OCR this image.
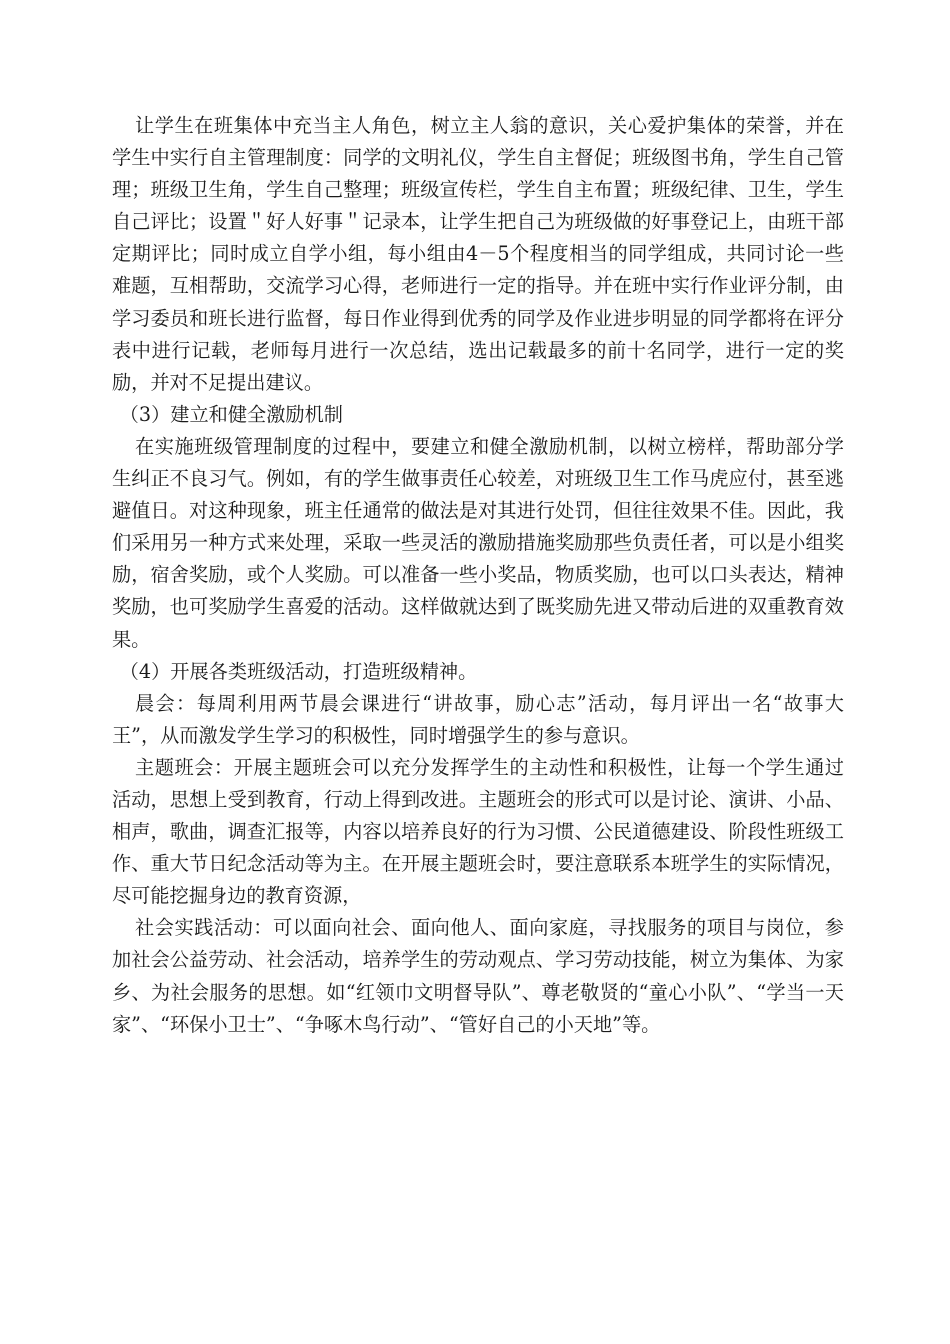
让学生在班集体中充当主人角色，树立主人翁的意识，关心爱护集体的荣誉，并在学生中实行自主管理制度：同学的文明礼仪，学生自主督促；班级图书角，学生自己管理；班级卫生角，学生自己整理；班级宣传栏，学生自主布置；班级纪律、卫生，学生自己评比；设置＂好人好事＂记录本，让学生把自己为班级做的好事登记上，由班干部定期评比；同时成立自学小组，每小组由4－5个程度相当的同学组成，共同讨论一些难题，互相帮助，交流学习心得，老师进行一定的指导。并在班中实行作业评分制，由学习委员和班长进行监督，每日作业得到优秀的同学及作业进步明显的同学都将在评分表中进行记载，老师每月进行一次总结，选出记载最多的前十名同学，进行一定的奖励，并对不足提出建议。

（3）建立和健全激励机制

在实施班级管理制度的过程中，要建立和健全激励机制，以树立榜样，帮助部分学生纠正不良习气。例如，有的学生做事责任心较差，对班级卫生工作马虎应付，甚至逃避值日。对这种现象，班主任通常的做法是对其进行处罚，但往往效果不佳。因此，我们采用另一种方式来处理，采取一些灵活的激励措施奖励那些负责任者，可以是小组奖励，宿舍奖励，或个人奖励。可以准备一些小奖品，物质奖励，也可以口头表达，精神奖励，也可奖励学生喜爱的活动。这样做就达到了既奖励先进又带动后进的双重教育效果。

（4）开展各类班级活动，打造班级精神。

晨会：每周利用两节晨会课进行“讲故事，励心志”活动，每月评出一名“故事大王”，从而激发学生学习的积极性，同时增强学生的参与意识。

主题班会：开展主题班会可以充分发挥学生的主动性和积极性，让每一个学生通过活动，思想上受到教育，行动上得到改进。主题班会的形式可以是讨论、演讲、小品、相声，歌曲，调查汇报等，内容以培养良好的行为习惯、公民道德建设、阶段性班级工作、重大节日纪念活动等为主。在开展主题班会时，要注意联系本班学生的实际情况，尽可能挖掘身边的教育资源，

社会实践活动：可以面向社会、面向他人、面向家庭，寻找服务的项目与岗位，参加社会公益劳动、社会活动，培养学生的劳动观点、学习劳动技能，树立为集体、为家乡、为社会服务的思想。如“红领巾文明督导队”、尊老敬贤的“童心小队”、“学当一天家”、“环保小卫士”、“争啄木鸟行动”、“管好自己的小天地”等。
